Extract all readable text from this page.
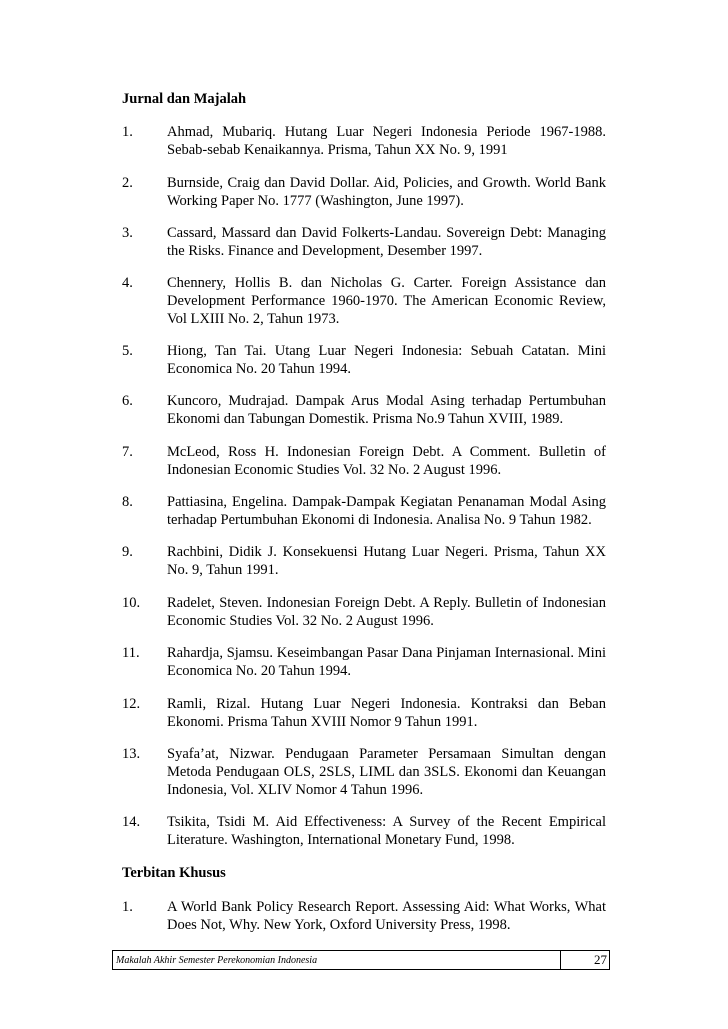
Jurnal dan Majalah
1.	Ahmad, Mubariq. Hutang Luar Negeri Indonesia Periode 1967-1988. Sebab-sebab Kenaikannya. Prisma, Tahun XX No. 9, 1991
2.	Burnside, Craig dan David Dollar. Aid, Policies, and Growth. World Bank Working Paper No. 1777 (Washington, June 1997).
3.	Cassard, Massard dan David Folkerts-Landau. Sovereign Debt: Managing the Risks. Finance and Development, Desember 1997.
4.	Chennery, Hollis B. dan Nicholas G. Carter. Foreign Assistance dan Development Performance 1960-1970. The American Economic Review, Vol LXIII No. 2, Tahun 1973.
5.	Hiong, Tan Tai. Utang Luar Negeri Indonesia: Sebuah Catatan. Mini Economica No. 20 Tahun 1994.
6.	Kuncoro, Mudrajad. Dampak Arus Modal Asing terhadap Pertumbuhan Ekonomi dan Tabungan Domestik. Prisma No.9 Tahun XVIII, 1989.
7.	McLeod, Ross H. Indonesian Foreign Debt. A Comment. Bulletin of Indonesian Economic Studies Vol. 32 No. 2 August 1996.
8.	Pattiasina, Engelina. Dampak-Dampak Kegiatan Penanaman Modal Asing terhadap Pertumbuhan Ekonomi di Indonesia. Analisa No. 9 Tahun 1982.
9.	Rachbini, Didik J. Konsekuensi Hutang Luar Negeri. Prisma, Tahun XX No. 9, Tahun 1991.
10.	Radelet, Steven. Indonesian Foreign Debt. A Reply. Bulletin of Indonesian Economic Studies Vol. 32 No. 2 August 1996.
11.	Rahardja, Sjamsu. Keseimbangan Pasar Dana Pinjaman Internasional. Mini Economica No. 20 Tahun 1994.
12.	Ramli, Rizal. Hutang Luar Negeri Indonesia. Kontraksi dan Beban Ekonomi. Prisma Tahun XVIII Nomor 9 Tahun 1991.
13.	Syafa’at, Nizwar. Pendugaan Parameter Persamaan Simultan dengan Metoda Pendugaan OLS, 2SLS, LIML dan 3SLS. Ekonomi dan Keuangan Indonesia, Vol. XLIV Nomor 4 Tahun 1996.
14.	Tsikita, Tsidi M. Aid Effectiveness: A Survey of the Recent Empirical Literature. Washington, International Monetary Fund, 1998.
Terbitan Khusus
1.	A World Bank Policy Research Report. Assessing Aid: What Works, What Does Not, Why. New York, Oxford University Press, 1998.
Makalah Akhir Semester Perekonomian Indonesia	27
